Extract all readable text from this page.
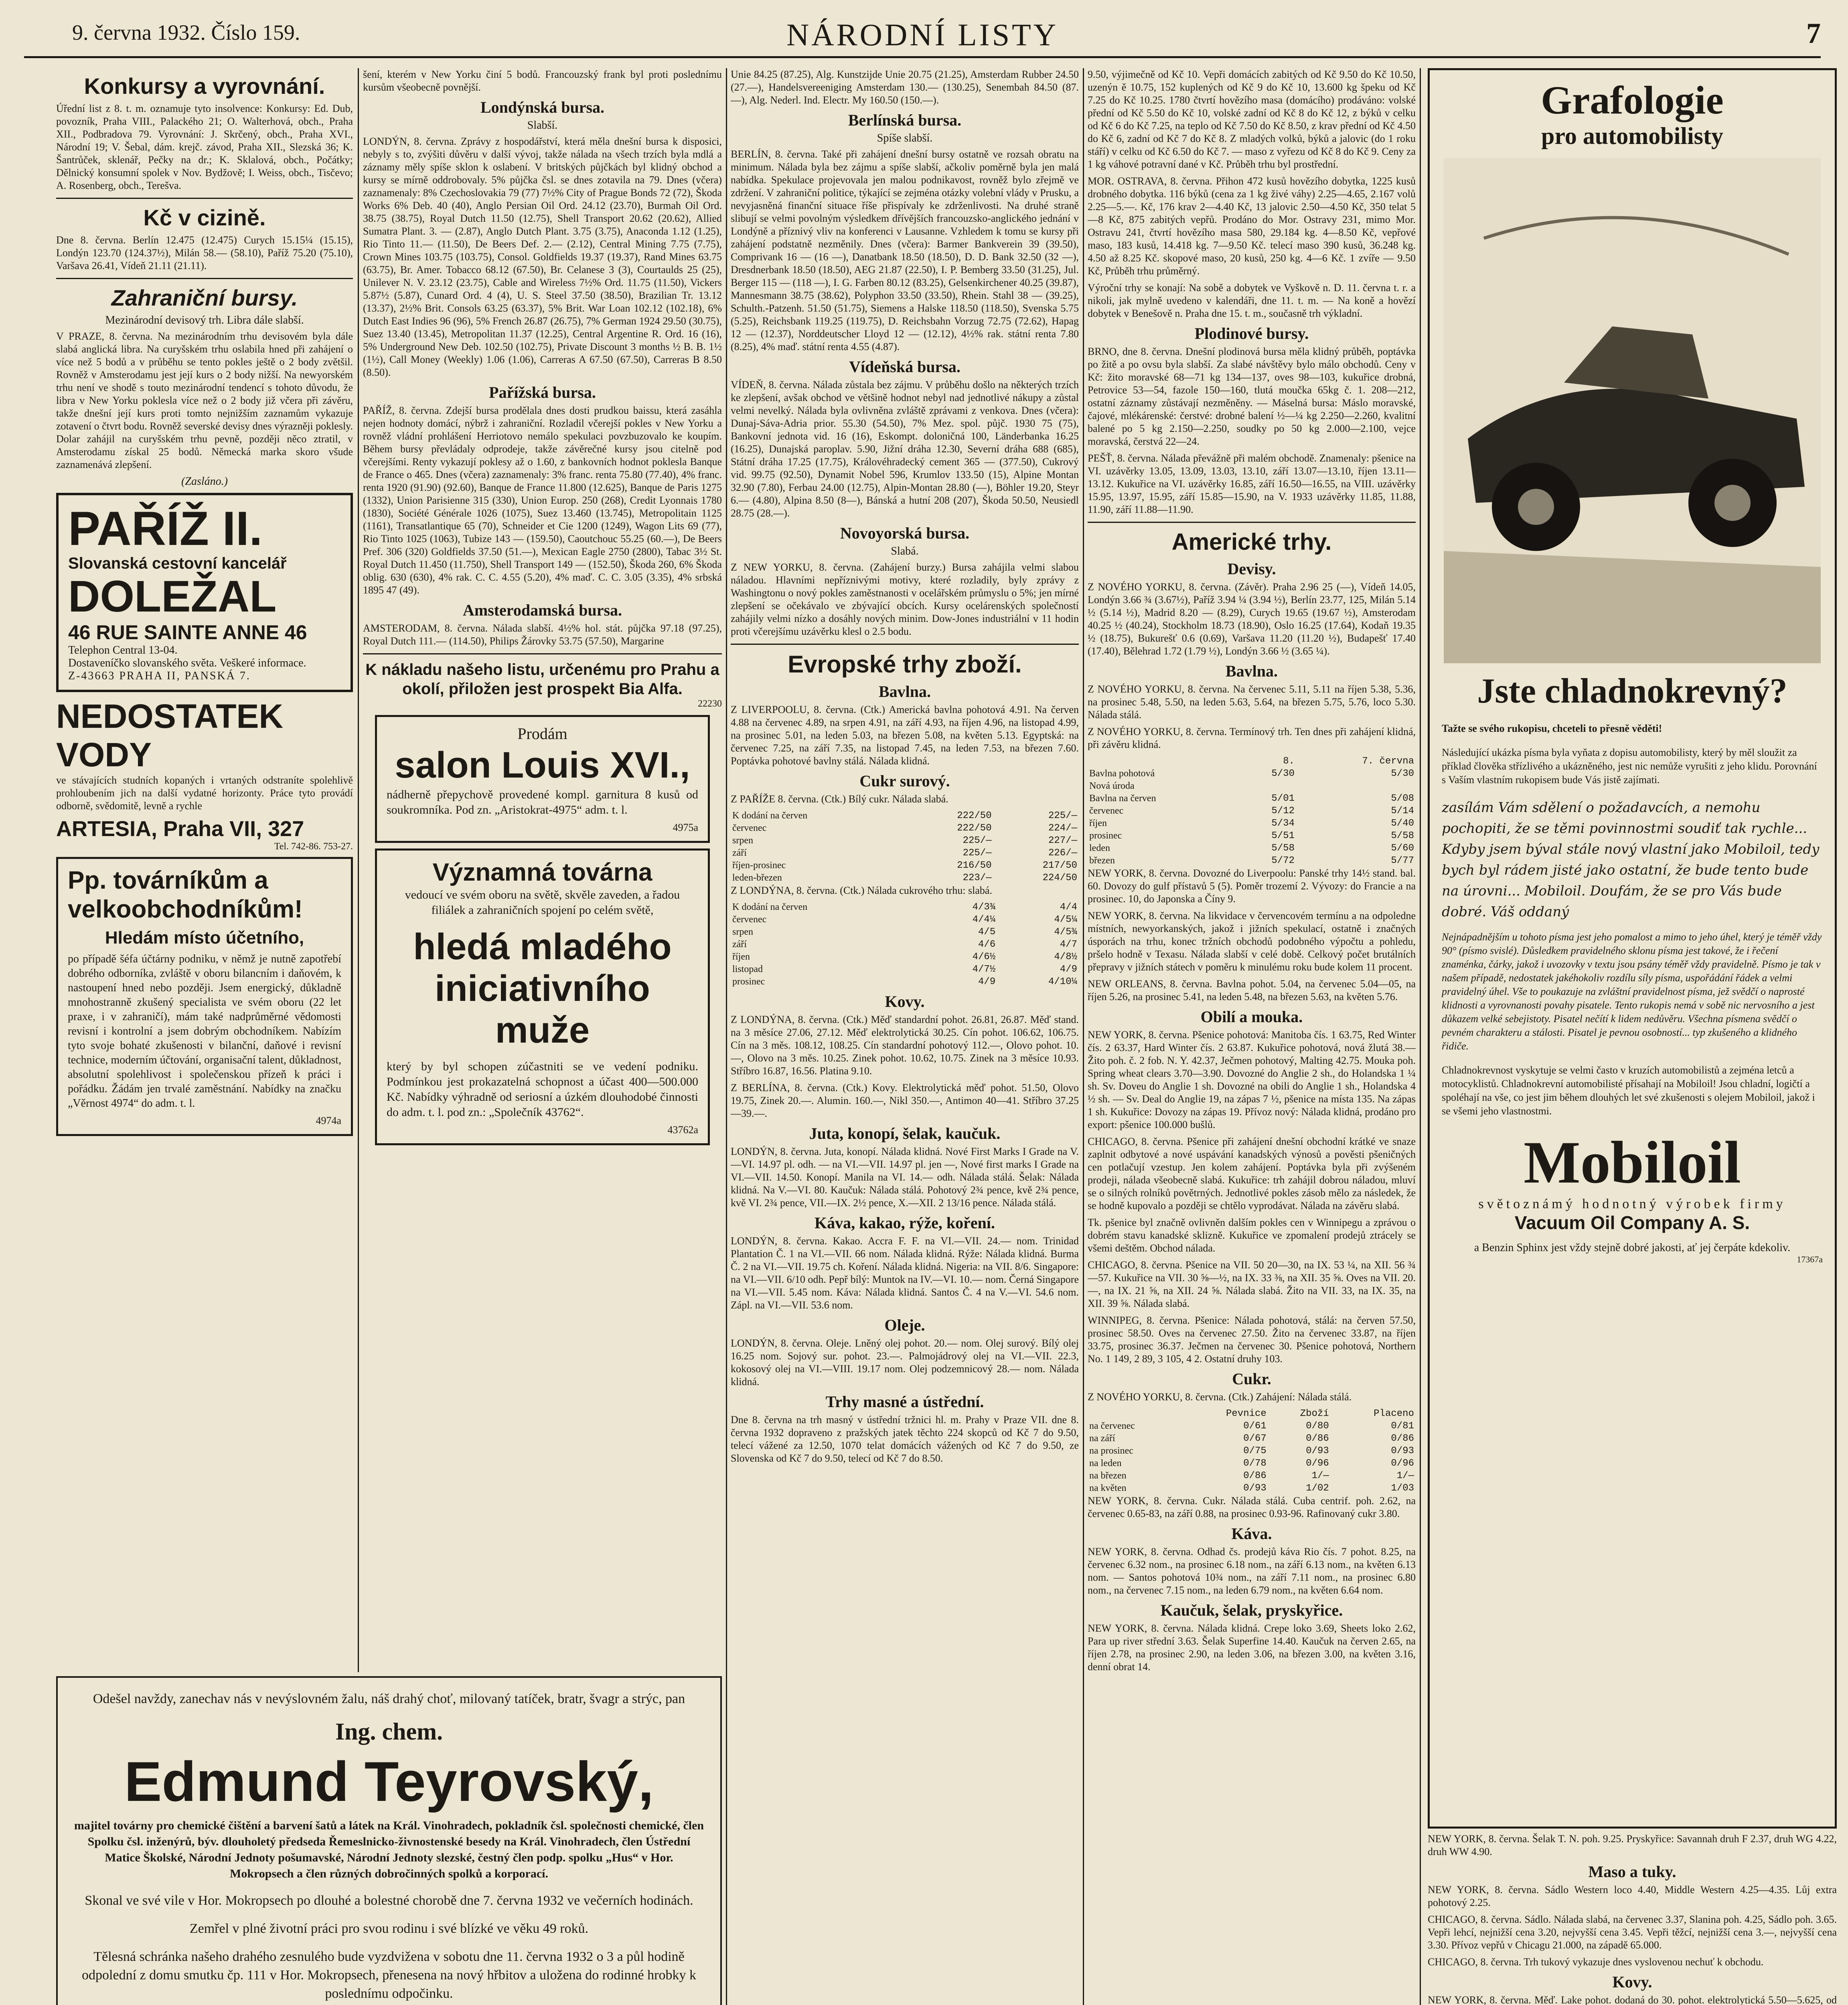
9. června 1932. Číslo 159.	NÁRODNÍ LISTY	7
Konkursy a vyrovnání.

Úřední list z 8. t. m. oznamuje tyto insolvence: Konkursy: Ed. Dub, povozník, Praha VIII., Palackého 21; O. Walterhová, obch., Praha XII., Podbradova 79. Vyrovnání: J. Skrčený, obch., Praha XVI., Národní 19; V. Šebal, dám. krejč. závod, Praha XII., Slezská 36; K. Šantrůček, sklenář, Pečky na dr.; K. Sklalová, obch., Počátky; Dělnický konsumní spolek v Nov. Bydžově; I. Weiss, obch., Tisčevo; A. Rosenberg, obch., Terešva.

Kč v cizině.

Dne 8. června. Berlín 12.475 (12.475) Curych 15.15¼ (15.15), Londýn 123.70 (124.37½), Milán 58.— (58.10), Paříž 75.20 (75.10), Varšava 26.41, Vídeň 21.11 (21.11).

Zahraniční bursy.
Mezinárodní devisový trh. Libra dále slabší.

V PRAZE, 8. června. Na mezinárodním trhu devisovém byla dále slabá anglická libra. Na curyšském trhu oslabila hned při zahájení o více než 5 bodů a v průběhu se tento pokles ještě o 2 body zvětšil. Rovněž v Amsterodamu jest její kurs o 2 body nižší. Na newyorském trhu není ve shodě s touto mezinárodní tendencí s tohoto důvodu, že libra v New Yorku poklesla více než o 2 body již včera při závěru, takže dnešní její kurs proti tomto nejnižším zaznamům vykazuje zotavení o čtvrt bodu. Rovněž severské devisy dnes výrazněji poklesly. Dolar zahájil na curyšském trhu pevně, později něco ztratil, v Amsterodamu získal 25 bodů. Německá marka skoro všude zaznamenává zlepšení.

(Zasláno.)
PAŘÍŽ II.
Slovanská cestovní kancelář
DOLEŽAL
46 RUE SAINTE ANNE 46
Telephon Central 13-04.
Dostaveníčko slovanského světa. Veškeré informace.
Z-43663 PRAHA II, PANSKÁ 7.
NEDOSTATEK VODY

ve stávajících studních kopaných i vrtaných odstraníte spolehlivě prohloubením jich na další vydatné horizonty. Práce tyto provádí odborně, svědomitě, levně a rychle

ARTESIA, Praha VII, 327
Tel. 742-86. 753-27.
Pp. továrníkům a velkoobchodníkům!
Hledám místo účetního,

po případě šéfa účtárny podniku, v němž je nutně zapotřebí dobrého odborníka, zvláště v oboru bilancním i daňovém, k nastoupení hned nebo později. Jsem energický, důkladně mnohostranně zkušený specialista ve svém oboru (22 let praxe, i v zahraničí), mám také nadprůměrné vědomosti revisní i kontrolní a jsem dobrým obchodníkem. Nabízím tyto svoje bohaté zkušenosti v bilanční, daňové i revisní technice, moderním účtování, organisační talent, důkladnost, absolutní spolehlivost i společenskou přízeň k práci i pořádku. Žádám jen trvalé zaměstnání. Nabídky na značku „Věrnost 4974“ do adm. t. l.

4974a

šení, kterém v New Yorku činí 5 bodů. Francouzský frank byl proti poslednímu kursům všeobecně povnější.

Londýnská bursa.
Slabší.

LONDÝN, 8. června. Zprávy z hospodářství, která měla dnešní bursa k disposici, nebyly s to, zvýšiti důvěru v další vývoj, takže náladа na všech trzích byla mdlá a záznamy měly spíše sklon k oslabení. V britských půjčkách byl klidný obchod a kursy se mírně oddrobovaly. 5% půjčka čsl. se dnes zotavila na 79. Dnes (včera) zaznamenaly: 8% Czechoslovakia 79 (77) 7½% City of Prague Bonds 72 (72), Škoda Works 6% Deb. 40 (40), Anglo Persian Oil Ord. 24.12 (23.70), Burmah Oil Ord. 38.75 (38.75), Royal Dutch 11.50 (12.75), Shell Transport 20.62 (20.62), Allied Sumatra Plant. 3. — (2.87), Anglo Dutch Plant. 3.75 (3.75), Anaconda 1.12 (1.25), Rio Tinto 11.— (11.50), De Beers Def. 2.— (2.12), Central Mining 7.75 (7.75), Crown Mines 103.75 (103.75), Consol. Goldfields 19.37 (19.37), Rand Mines 63.75 (63.75), Br. Amer. Tobacco 68.12 (67.50), Br. Celanese 3 (3), Courtaulds 25 (25), Unilever N. V. 23.12 (23.75), Cable and Wireless 7½% Ord. 11.75 (11.50), Vickers 5.87½ (5.87), Cunard Ord. 4 (4), U. S. Steel 37.50 (38.50), Brazilian Tr. 13.12 (13.37), 2½% Brit. Consols 63.25 (63.37), 5% Brit. War Loan 102.12 (102.18), 6% Dutch East Indies 96 (96), 5% French 26.87 (26.75), 7% German 1924 29.50 (30.75), Suez 13.40 (13.45), Metropolitan 11.37 (12.25), Central Argentine R. Ord. 16 (16), 5% Underground New Deb. 102.50 (102.75), Private Discount 3 months ½ B. B. 1½ (1½), Call Money (Weekly) 1.06 (1.06), Carreras A 67.50 (67.50), Carreras B 8.50 (8.50).

Pařížská bursa.

PAŘÍŽ, 8. června. Zdejší bursa prodělala dnes dosti prudkou baissu, která zasáhla nejen hodnoty domácí, nýbrž i zahraniční. Rozladil včerejší pokles v New Yorku a rovněž vládní prohlášení Herriotovo nemálo spekulaci povzbuzovalo ke koupím. Během bursy převládaly odprodeje, takže závěrečné kursy jsou citelně pod včerejšími. Renty vykazují poklesy až o 1.60, z bankovních hodnot poklesla Banque de France o 465. Dnes (včera) zaznamenaly: 3% franc. renta 75.80 (77.40), 4% franc. renta 1920 (91.90) (92.60), Banque de France 11.800 (12.625), Banque de Paris 1275 (1332), Union Parisienne 315 (330), Union Europ. 250 (268), Credit Lyonnais 1780 (1830), Société Générale 1026 (1075), Suez 13.460 (13.745), Metropolitain 1125 (1161), Transatlantique 65 (70), Schneider et Cie 1200 (1249), Wagon Lits 69 (77), Rio Tinto 1025 (1063), Tubize 143 — (159.50), Caoutchouc 55.25 (60.—), De Beers Pref. 306 (320) Goldfields 37.50 (51.—), Mexican Eagle 2750 (2800), Tabac 3½ St. Royal Dutch 11.450 (11.750), Shell Transport 149 — (152.50), Škoda 260, 6% Škoda oblig. 630 (630), 4% rak. C. C. 4.55 (5.20), 4% maď. C. C. 3.05 (3.35), 4% srbská 1895 47 (49).

Amsterodamská bursa.

AMSTERODAM, 8. června. Nálada slabší. 4½% hol. stát. půjčka 97.18 (97.25), Royal Dutch 111.— (114.50), Philips Žárovky 53.75 (57.50), Margarine

K nákladu našeho listu, určenému pro Prahu a okolí, přiložen jest prospekt Bia Alfa.
22230
Prodám
salon Louis XVI.,

nádherně přepychově provedené kompl. garnitura 8 kusů od soukromníka. Pod zn. „Aristokrat-4975“ adm. t. l.

4975a
Významná továrna

vedoucí ve svém oboru na světě, skvěle zaveden, a řadou filiálek a zahraničních spojení po celém světě,

hledá mladého iniciativního muže

který by byl schopen zúčastniti se ve vedení podniku. Podmínkou jest prokazatelná schopnost a účast 400—500.000 Kč. Nabídky výhradně od seriosní a úzkém dlouhodobé činnosti do adm. t. l. pod zn.: „Společník 43762“.

43762a

Unie 84.25 (87.25), Alg. Kunstzijde Unie 20.75 (21.25), Amsterdam Rubber 24.50 (27.—), Handelsvereeniging Amsterdam 130.— (130.25), Senembah 84.50 (87.—), Alg. Nederl. Ind. Electr. My 160.50 (150.—).

Berlínská bursa.
Spíše slabší.

BERLÍN, 8. června. Také při zahájení dnešní bursy ostatně ve rozsah obratu na minimum. Nálada byla bez zájmu a spíše slabší, ačkoliv poměrně byla jen malá nabídka. Spekulace projevovala jen malou podnikavost, rovněž bylo zřejmě ve zdržení. V zahraniční politice, týkající se zejména otázky volební vlády v Prusku, a nevyjasněná finanční situace říše přispívaly ke zdrženlivosti. Na druhé straně slibují se velmi povolným výsledkem dřívějších francouzsko-anglického jednání v Londýně a příznivý vliv na konferenci v Lausanne. Vzhledem k tomu se kursy při zahájení podstatně nezměnily. Dnes (včera): Barmer Bankverein 39 (39.50), Comprivank 16 — (16 —), Danatbank 18.50 (18.50), D. D. Bank 32.50 (32 —), Dresdnerbank 18.50 (18.50), AEG 21.87 (22.50), I. P. Bemberg 33.50 (31.25), Jul. Berger 115 — (118 —), I. G. Farben 80.12 (83.25), Gelsenkirchener 40.25 (39.87), Mannesmann 38.75 (38.62), Polyphon 33.50 (33.50), Rhein. Stahl 38 — (39.25), Schulth.-Patzenh. 51.50 (51.75), Siemens a Halske 118.50 (118.50), Svenska 5.75 (5.25), Reichsbank 119.25 (119.75), D. Reichsbahn Vorzug 72.75 (72.62), Hapag 12 — (12.37), Norddeutscher Lloyd 12 — (12.12), 4½% rak. státní renta 7.80 (8.25), 4% maď. státní renta 4.55 (4.87).

Vídeňská bursa.

VÍDEŇ, 8. června. Nálada zůstala bez zájmu. V průběhu došlo na některých trzích ke zlepšení, avšak obchod ve většině hodnot nebyl nad jednotlivé nákupy a zůstal velmi nevelký. Nálada byla ovlivněna zvláště zprávami z venkova. Dnes (včera): Dunaj-Sáva-Adria prior. 55.30 (54.50), 7% Mez. spol. půjč. 1930 75 (75), Bankovní jednota vid. 16 (16), Eskompt. doloničná 100, Länderbanka 16.25 (16.25), Dunajská paroplav. 5.90, Jižní dráha 12.30, Severní dráha 688 (685), Státní dráha 17.25 (17.75), Královéhradecký cement 365 — (377.50), Cukrový vid. 99.75 (92.50), Dynamit Nobel 596, Krumlov 133.50 (15), Alpine Montan 32.90 (7.80), Ferbau 24.00 (12.75), Alpin-Montan 28.80 (—), Böhler 19.20, Steyr 6.— (4.80), Alpina 8.50 (8—), Bánská a hutní 208 (207), Škoda 50.50, Neusiedl 28.75 (28.—).

Novoyorská bursa.
Slabá.

Z NEW YORKU, 8. června. (Zahájení burzy.) Bursa zahájila velmi slabou náladou. Hlavními nepříznivými motivy, které rozladily, byly zprávy z Washingtonu o nový pokles zaměstnanosti v ocelářském průmyslu o 5%; jen mírné zlepšení se očekávalo ve zbývající obcích. Kursy ocelárenských společností zahájily velmi nízko a dosáhly nových minim. Dow-Jones industriální v 11 hodin proti včerejšímu uzávěrku klesl o 2.5 bodu.

Evropské trhy zboží.
Bavlna.

Z LIVERPOOLU, 8. června. (Ctk.) Americká bavlna pohotová 4.91. Na červen 4.88 na červenec 4.89, na srpen 4.91, na září 4.93, na říjen 4.96, na listopad 4.99, na prosinec 5.01, na leden 5.03, na březen 5.08, na květen 5.13. Egyptská: na červenec 7.25, na září 7.35, na listopad 7.45, na leden 7.53, na březen 7.60. Poptávka pohotové bavlny stálá. Nálada klidná.

Cukr surový.

Z PAŘÍŽE 8. června. (Ctk.) Bílý cukr. Nálada slabá.

K dodání na červen	222/50	225/—
červenec	222/50	224/—
srpen	225/—	227/—
září	225/—	226/—
říjen-prosinec	216/50	217/50
leden-březen	223/—	224/50

Z LONDÝNA, 8. června. (Ctk.) Nálada cukrového trhu: slabá.

K dodání na červen	4/3¾	4/4
červenec	4/4¼	4/5¼
srpen	4/5	4/5¾
září	4/6	4/7
říjen	4/6½	4/8½
listopad	4/7½	4/9
prosinec	4/9	4/10¼
Kovy.

Z LONDÝNA, 8. června. (Ctk.) Měď standardní pohot. 26.81, 26.87. Měď stand. na 3 měsíce 27.06, 27.12. Měď elektrolytická 30.25. Cín pohot. 106.62, 106.75. Cín na 3 měs. 108.12, 108.25. Cín standardní pohotový 112.—, Olovo pohot. 10.—, Olovo na 3 měs. 10.25. Zinek pohot. 10.62, 10.75. Zinek na 3 měsíce 10.93. Stříbro 16.87, 16.56. Platina 9.10.

Z BERLÍNA, 8. června. (Ctk.) Kovy. Elektrolytická měď pohot. 51.50, Olovo 19.75, Zinek 20.—. Alumin. 160.—, Nikl 350.—, Antimon 40—41. Stříbro 37.25—39.—.

Juta, konopí, šelak, kaučuk.

LONDÝN, 8. června. Juta, konopí. Nálada klidná. Nové First Marks I Grade na V.—VI. 14.97 pl. odh. — na VI.—VII. 14.97 pl. jen —, Nové first marks I Grade na VI.—VII. 14.50. Konopí. Manila na VI. 14.— odh. Nálada stálá. Šelak: Nálada klidná. Na V.—VI. 80. Kaučuk: Nálada stálá. Pohotový 2¾ pence, kvě 2¾ pence, kvě VI. 2¾ pence, VII.—IX. 2½ pence, X.—XII. 2 13/16 pence. Nálada stálá.

Káva, kakao, rýže, koření.

LONDÝN, 8. června. Kakao. Accra F. F. na VI.—VII. 24.— nom. Trinidad Plantation Č. 1 na VI.—VII. 66 nom. Nálada klidná. Rýže: Nálada klidná. Burma Č. 2 na VI.—VII. 19.75 ch. Koření. Nálada klidná. Nigeria: na VII. 8/6. Singapore: na VI.—VII. 6/10 odh. Pepř bílý: Muntok na IV.—VI. 10.— nom. Černá Singapore na VI.—VII. 5.45 nom. Káva: Nálada klidná. Santos Č. 4 na V.—VI. 54.6 nom. Zápl. na VI.—VII. 53.6 nom.

Oleje.

LONDÝN, 8. června. Oleje. Lněný olej pohot. 20.— nom. Olej surový. Bílý olej 16.25 nom. Sojový sur. pohot. 23.—. Palmojádrový olej na VI.—VII. 22.3, kokosový olej na VI.—VIII. 19.17 nom. Olej podzemnicový 28.— nom. Nálada klidná.

Trhy masné a ústřední.

Dne 8. června na trh masný v ústřední tržnici hl. m. Prahy v Praze VII. dne 8. června 1932 dopraveno z pražských jatek těchto 224 skopců od Kč 7 do 9.50, telecí vážené za 12.50, 1070 telat domácích vážených od Kč 7 do 9.50, ze Slovenska od Kč 7 do 9.50, telecí od Kč 7 do 8.50.

9.50, výjimečně od Kč 10. Vepři domácích zabitých od Kč 9.50 do Kč 10.50, uzenýn ě 10.75, 152 kuplených od Kč 9 do Kč 10, 13.600 kg špeku od Kč 7.25 do Kč 10.25. 1780 čtvrtí hovězího masa (domácího) prodáváno: volské přední od Kč 5.50 do Kč 10, volské zadní od Kč 8 do Kč 12, z býků v celku od Kč 6 do Kč 7.25, na teplo od Kč 7.50 do Kč 8.50, z krav přední od Kč 4.50 do Kč 6, zadní od Kč 7 do Kč 8. Z mladých volků, býků a jalovic (do 1 roku stáří) v celku od Kč 6.50 do Kč 7. — maso z vyřezu od Kč 8 do Kč 9. Ceny za 1 kg váhové potravní dané v Kč. Průběh trhu byl prostřední.

MOR. OSTRAVA, 8. června. Přihon 472 kusů hovězího dobytka, 1225 kusů drobného dobytka. 116 býků (cena za 1 kg živé váhy) 2.25—4.65, 2.167 volů 2.25—5.—. Kč, 176 krav 2—4.40 Kč, 13 jalovic 2.50—4.50 Kč, 350 telat 5—8 Kč, 875 zabitých vepřů. Prodáno do Mor. Ostravy 231, mimo Mor. Ostravu 241, čtvrtí hovězího masa 580, 29.184 kg. 4—8.50 Kč, vepřové maso, 183 kusů, 14.418 kg. 7—9.50 Kč. telecí maso 390 kusů, 36.248 kg. 4.50 až 8.25 Kč. skopové maso, 20 kusů, 250 kg. 4—6 Kč. 1 zvíře — 9.50 Kč, Průběh trhu průměrný.

Výroční trhy se konají: Na sobě a dobytek ve Vyškově n. D. 11. června t. r. a nikoli, jak mylně uvedeno v kalendáři, dne 11. t. m. — Na koně a hovězí dobytek v Benešově n. Praha dne 15. t. m., současně trh výkladní.

Plodinové bursy.

BRNO, dne 8. června. Dnešní plodinová bursa měla klidný průběh, poptávka po žitě a po ovsu byla slabší. Za slabé návštěvy bylo málo obchodů. Ceny v Kč: žito moravské 68—71 kg 134—137, oves 98—103, kukuřice drobná, Petrovice 53—54, fazole 150—160, tlutá moučka 65kg č. 1. 208—212, ostatní záznamy zůstávají nezměněny. — Máselná bursa: Máslo moravské, čajové, mlékárenské: čerstvé: drobné balení ½—¼ kg 2.250—2.260, kvalitní balené po 5 kg 2.150—2.250, soudky po 50 kg 2.000—2.100, vejce moravská, čerstvá 22—24.

PEŠŤ, 8. června. Nálada převážně při malém obchodě. Znamenaly: pšenice na VI. uzávěrky 13.05, 13.09, 13.03, 13.10, září 13.07—13.10, říjen 13.11—13.12. Kukuřice na VI. uzávěrky 16.85, září 16.50—16.55, na VIII. uzávěrky 15.95, 13.97, 15.95, září 15.85—15.90, na V. 1933 uzávěrky 11.85, 11.88, 11.90, září 11.88—11.90.

Americké trhy.
Devisy.

Z NOVÉHO YORKU, 8. června. (Závěr). Praha 2.96 25 (—), Vídeň 14.05, Londýn 3.66 ¾ (3.67½), Paříž 3.94 ¼ (3.94 ½), Berlín 23.77, 125, Milán 5.14 ½ (5.14 ½), Madrid 8.20 — (8.29), Curych 19.65 (19.67 ½), Amsterodam 40.25 ½ (40.24), Stockholm 18.73 (18.90), Oslo 16.25 (17.64), Kodaň 19.35 ½ (18.75), Bukurešť 0.6 (0.69), Varšava 11.20 (11.20 ½), Budapešť 17.40 (17.40), Bělehrad 1.72 (1.79 ½), Londýn 3.66 ½ (3.65 ¼).

Bavlna.

Z NOVÉHO YORKU, 8. června. Na červenec 5.11, 5.11 na říjen 5.38, 5.36, na prosinec 5.48, 5.50, na leden 5.63, 5.64, na březen 5.75, 5.76, loco 5.30. Nálada stálá.

Z NOVÉHO YORKU, 8. června. Termínový trh. Ten dnes při zahájení klidná, při závěru klidná.

	8.	7. června
Bavlna pohotová	5/30	5/30
Nová úroda		
Bavlna na červen	5/01	5/08
červenec	5/12	5/14
říjen	5/34	5/40
prosinec	5/51	5/58
leden	5/58	5/60
březen	5/72	5/77

NEW YORK, 8. června. Dovozné do Liverpoolu: Panské trhy 14½ stand. bal. 60. Dovozy do gulf přístavů 5 (5). Poměr trozemí 2. Vývozy: do Francie a na prosinec. 10, do Japonska a Číny 9.

NEW YORK, 8. června. Na likvidace v červencovém termínu a na odpoledne místních, newyorkanských, jakož i jižních spekulací, ostatně i značných úsporách na trhu, konec tržních obchodů podobného výpočtu a pohledu, pršelo hodně v Texasu. Nálada slabší v celé době. Celkový počet brutálních přepravy v jižních státech v poměru k minulému roku bude kolem 11 procent.

NEW ORLEANS, 8. června. Bavlna pohot. 5.04, na červenec 5.04—05, na říjen 5.26, na prosinec 5.41, na leden 5.48, na březen 5.63, na květen 5.76.

Obilí a mouka.

NEW YORK, 8. června. Pšenice pohotová: Manitoba čís. 1 63.75, Red Winter čís. 2 63.37, Hard Winter čís. 2 63.87. Kukuřice pohotová, nová žlutá 38.— Žito poh. č. 2 fob. N. Y. 42.37, Ječmen pohotový, Malting 42.75. Mouka poh. Spring wheat clears 3.70—3.90. Dovozné do Anglie 2 sh., do Holandska 1 ¼ sh. Sv. Doveu do Anglie 1 sh. Dovozné na obili do Anglie 1 sh., Holandska 4 ½ sh. — Sv. Deal do Anglie 19, na zápas 7 ½, pšenice na místa 135. Na zápas 1 sh. Kukuřice: Dovozy na zápas 19. Přívoz nový: Nálada klidná, prodáno pro export: pšenice 100.000 bušlů.

CHICAGO, 8. června. Pšenice při zahájení dnešní obchodní krátké ve snaze zaplnit odbytové a nové uspávání kanadských výnosů a pověsti pšeničných cen potlačují vzestup. Jen kolem zahájení. Poptávka byla při zvýšeném prodeji, nálada všeobecně slabá. Kukuřice: trh zahájil dobrou náladou, mluví se o silných rolníků povětrných. Jednotlivé pokles zásob mělo za následek, že se hodně kupovalo a později se chtělo vyprodávat. Nálada na závěru slabá.

Tk. pšenice byl značně ovlivněn dalším pokles cen v Winnipegu a zprávou o dobrém stavu kanadské sklizně. Kukuřice ve zpomalení prodejů ztrácely se všemi deštěm. Obchod nálada.

CHICAGO, 8. června. Pšenice na VII. 50 20—30, na IX. 53 ¼, na XII. 56 ¾—57. Kukuřice na VII. 30 ⅝—½, na IX. 33 ⅜, na XII. 35 ⅝. Oves na VII. 20.—, na IX. 21 ⅝, na XII. 24 ⅝. Nálada slabá. Žito na VII. 33, na IX. 35, na XII. 39 ⅝. Nálada slabá.

WINNIPEG, 8. června. Pšenice: Nálada pohotová, stálá: na červen 57.50, prosinec 58.50. Oves na červenec 27.50. Žito na červenec 33.87, na říjen 33.75, prosinec 36.37. Ječmen na červenec 30. Pšenice pohotová, Northern No. 1 149, 2 89, 3 105, 4 2. Ostatní druhy 103.

Cukr.

Z NOVÉHO YORKU, 8. června. (Ctk.) Zahájení: Nálada stálá.

	Pevnice	Zboží	Placeno
na červenec	0/61	0/80	0/81
na září	0/67	0/86	0/86
na prosinec	0/75	0/93	0/93
na leden	0/78	0/96	0/96
na březen	0/86	1/—	1/—
na květen	0/93	1/02	1/03

NEW YORK, 8. června. Cukr. Nálada stálá. Cuba centrif. poh. 2.62, na červenec 0.65-83, na září 0.88, na prosinec 0.93-96. Rafinovaný cukr 3.80.

Káva.

NEW YORK, 8. června. Odhad čs. prodejů káva Rio čís. 7 pohot. 8.25, na červenec 6.32 nom., na prosinec 6.18 nom., na září 6.13 nom., na květen 6.13 nom. — Santos pohotová 10¾ nom., na září 7.11 nom., na prosinec 6.80 nom., na červenec 7.15 nom., na leden 6.79 nom., na květen 6.64 nom.

Kaučuk, šelak, pryskyřice.

NEW YORK, 8. června. Nálada klidná. Crepe loko 3.69, Sheets loko 2.62, Para up river střední 3.63. Šelak Superfine 14.40. Kaučuk na červen 2.65, na říjen 2.78, na prosinec 2.90, na leden 3.06, na březen 3.00, na květen 3.16, denní obrat 14.

Grafologie
pro automobilisty
Jste chladnokrevný?

Tažte se svého rukopisu, chceteli to přesně věděti!

Následující ukázka písma byla vyňata z dopisu automobilisty, který by měl sloužit za příklad člověka střízlivého a ukázněného, jest nic nemůže vyrušiti z jeho klidu. Porovnání s Vaším vlastním rukopisem bude Vás jistě zajímati.

zasílám Vám sdělení o požadavcích, a nemohu pochopiti, že se těmi povinnostmi soudiť tak rychle... Kdyby jsem býval stále nový vlastní jako Mobiloil, tedy bych byl rádem jisté jako ostatní, že bude tento bude na úrovni... Mobiloil. Doufám, že se pro Vás bude dobré. Váš oddaný

Nejnápadnějším u tohoto písma jest jeho pomalost a mimo to jeho úhel, který je téměř vždy 90° (písmo svislé). Důsledkem pravidelného sklonu písma jest takové, že i řečení znaménka, čárky, jakož i uvozovky v textu jsou psány téměř vždy pravidelně. Písmo je tak v našem případě, nedostatek jakéhokoliv rozdílu síly písma, uspořádání řádek a velmi pravidelný úhel. Vše to poukazuje na zvláštní pravidelnost písma, jež svědčí o naprosté klidnosti a vyrovnanosti povahy pisatele. Tento rukopis nemá v sobě nic nervosního a jest důkazem velké sebejistoty. Pisatel nečítí k lidem nedůvěru. Všechna písmena svědčí o pevném charakteru a stálosti. Pisatel je pevnou osobností... typ zkušeného a klidného řidiče.

Chladnokrevnost vyskytuje se velmi často v kruzích automobilistů a zejména letců a motocyklistů. Chladnokrevní automobilisté přísahají na Mobiloil! Jsou chladní, logičtí a spoléhají na vše, co jest jim během dlouhých let své zkušenosti s olejem Mobiloil, jakož i se všemi jeho vlastnostmi.

Mobiloil
světoznámý hodnotný výrobek firmy
Vacuum Oil Company A. S.
a Benzin Sphinx jest vždy stejně dobré jakosti, ať jej čerpáte kdekoliv.
17367a

NEW YORK, 8. června. Šelak T. N. poh. 9.25. Pryskyřice: Savannah druh F 2.37, druh WG 4.22, druh WW 4.90.

Maso a tuky.

NEW YORK, 8. června. Sádlo Western loco 4.40, Middle Western 4.25—4.35. Lůj extra pohotový 2.25.

CHICAGO, 8. června. Sádlo. Nálada slabá, na červenec 3.37, Slanina poh. 4.25, Sádlo poh. 3.65. Vepři lehcí, nejnižší cena 3.20, nejvyšší cena 3.45. Vepři těžcí, nejnižší cena 3.—, nejvyšší cena 3.30. Přívoz vepřů v Chicagu 21.000, na západě 65.000.

CHICAGO, 8. června. Trh tukový vykazuje dnes vyslovenou nechuť k obchodu.

Kovy.

NEW YORK, 8. června. Měď. Lake pohot. dodaná do 30. pohot. elektrolytická 5.50—5.625, od

Odešel navždy, zanechav nás v nevýslovném žalu, náš drahý choť, milovaný tatíček, bratr, švagr a strýc, pan

Ing. chem.
Edmund Teyrovský,

majitel továrny pro chemické čištění a barvení šatů a látek na Král. Vinohradech, pokladník čsl. společnosti chemické, člen Spolku čsl. inženýrů, býv. dlouholetý předseda Řemeslnicko-živnostenské besedy na Král. Vinohradech, člen Ústřední Matice Školské, Národní Jednoty pošumavské, Národní Jednoty slezské, čestný člen podp. spolku „Hus“ v Hor. Mokropsech a člen různých dobročinných spolků a korporací.

Skonal ve své vile v Hor. Mokropsech po dlouhé a bolestné chorobě dne 7. června 1932 ve večerních hodinách.

Zemřel v plné životní práci pro svou rodinu i své blízké ve věku 49 roků.

Tělesná schránka našeho drahého zesnulého bude vyzdvižena v sobotu dne 11. června 1932 o 3 a půl hodině odpolední z domu smutku čp. 111 v Hor. Mokropsech, přenesena na nový hřbitov a uložena do rodinné hrobky k poslednímu odpočinku.
